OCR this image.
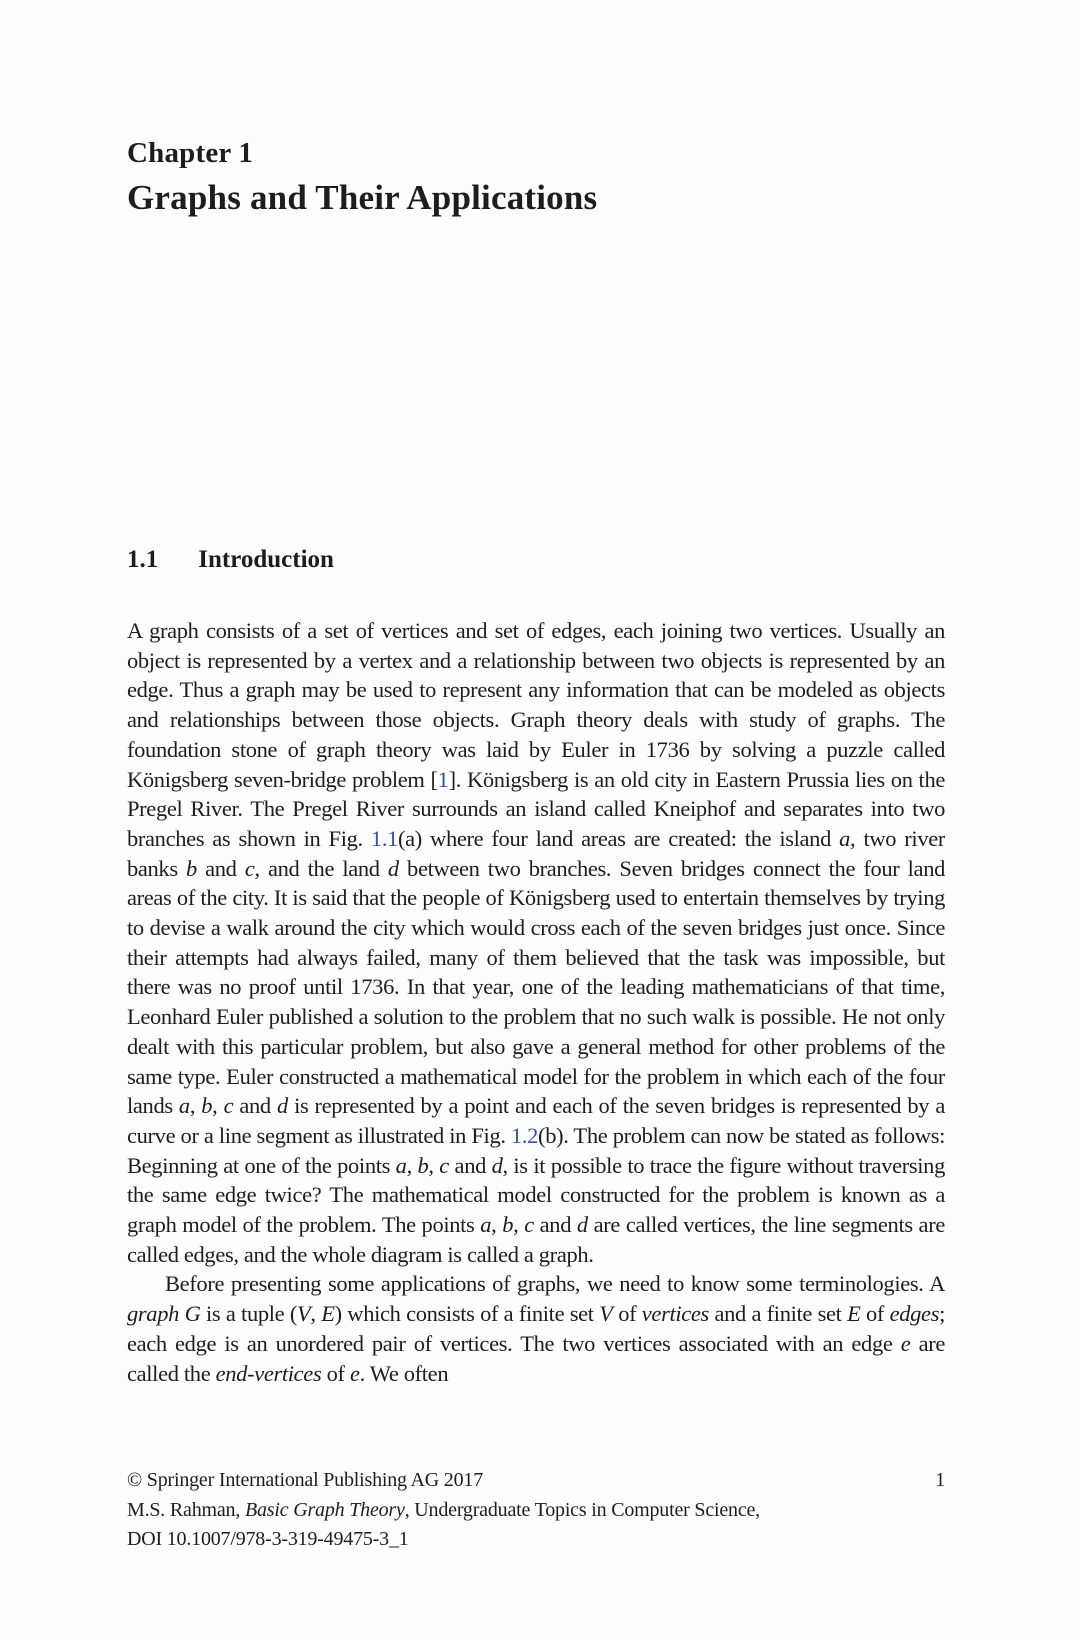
Chapter 1
Graphs and Their Applications
1.1 Introduction

A graph consists of a set of vertices and set of edges, each joining two vertices. Usually an object is represented by a vertex and a relationship between two objects is represented by an edge. Thus a graph may be used to represent any information that can be modeled as objects and relationships between those objects. Graph theory deals with study of graphs. The foundation stone of graph theory was laid by Euler in 1736 by solving a puzzle called Königsberg seven-bridge problem [1]. Königsberg is an old city in Eastern Prussia lies on the Pregel River. The Pregel River surrounds an island called Kneiphof and separates into two branches as shown in Fig. 1.1(a) where four land areas are created: the island a, two river banks b and c, and the land d between two branches. Seven bridges connect the four land areas of the city. It is said that the people of Königsberg used to entertain themselves by trying to devise a walk around the city which would cross each of the seven bridges just once. Since their attempts had always failed, many of them believed that the task was impossible, but there was no proof until 1736. In that year, one of the leading mathematicians of that time, Leonhard Euler published a solution to the problem that no such walk is possible. He not only dealt with this particular problem, but also gave a general method for other problems of the same type. Euler constructed a mathematical model for the problem in which each of the four lands a, b, c and d is represented by a point and each of the seven bridges is represented by a curve or a line segment as illustrated in Fig. 1.2(b). The problem can now be stated as follows: Beginning at one of the points a, b, c and d, is it possible to trace the figure without traversing the same edge twice? The mathematical model constructed for the problem is known as a graph model of the problem. The points a, b, c and d are called vertices, the line segments are called edges, and the whole diagram is called a graph.

Before presenting some applications of graphs, we need to know some terminologies. A graph G is a tuple (V, E) which consists of a finite set V of vertices and a finite set E of edges; each edge is an unordered pair of vertices. The two vertices associated with an edge e are called the end-vertices of e. We often

© Springer International Publishing AG 2017	1
M.S. Rahman, Basic Graph Theory, Undergraduate Topics in Computer Science,
DOI 10.1007/978-3-319-49475-3_1
